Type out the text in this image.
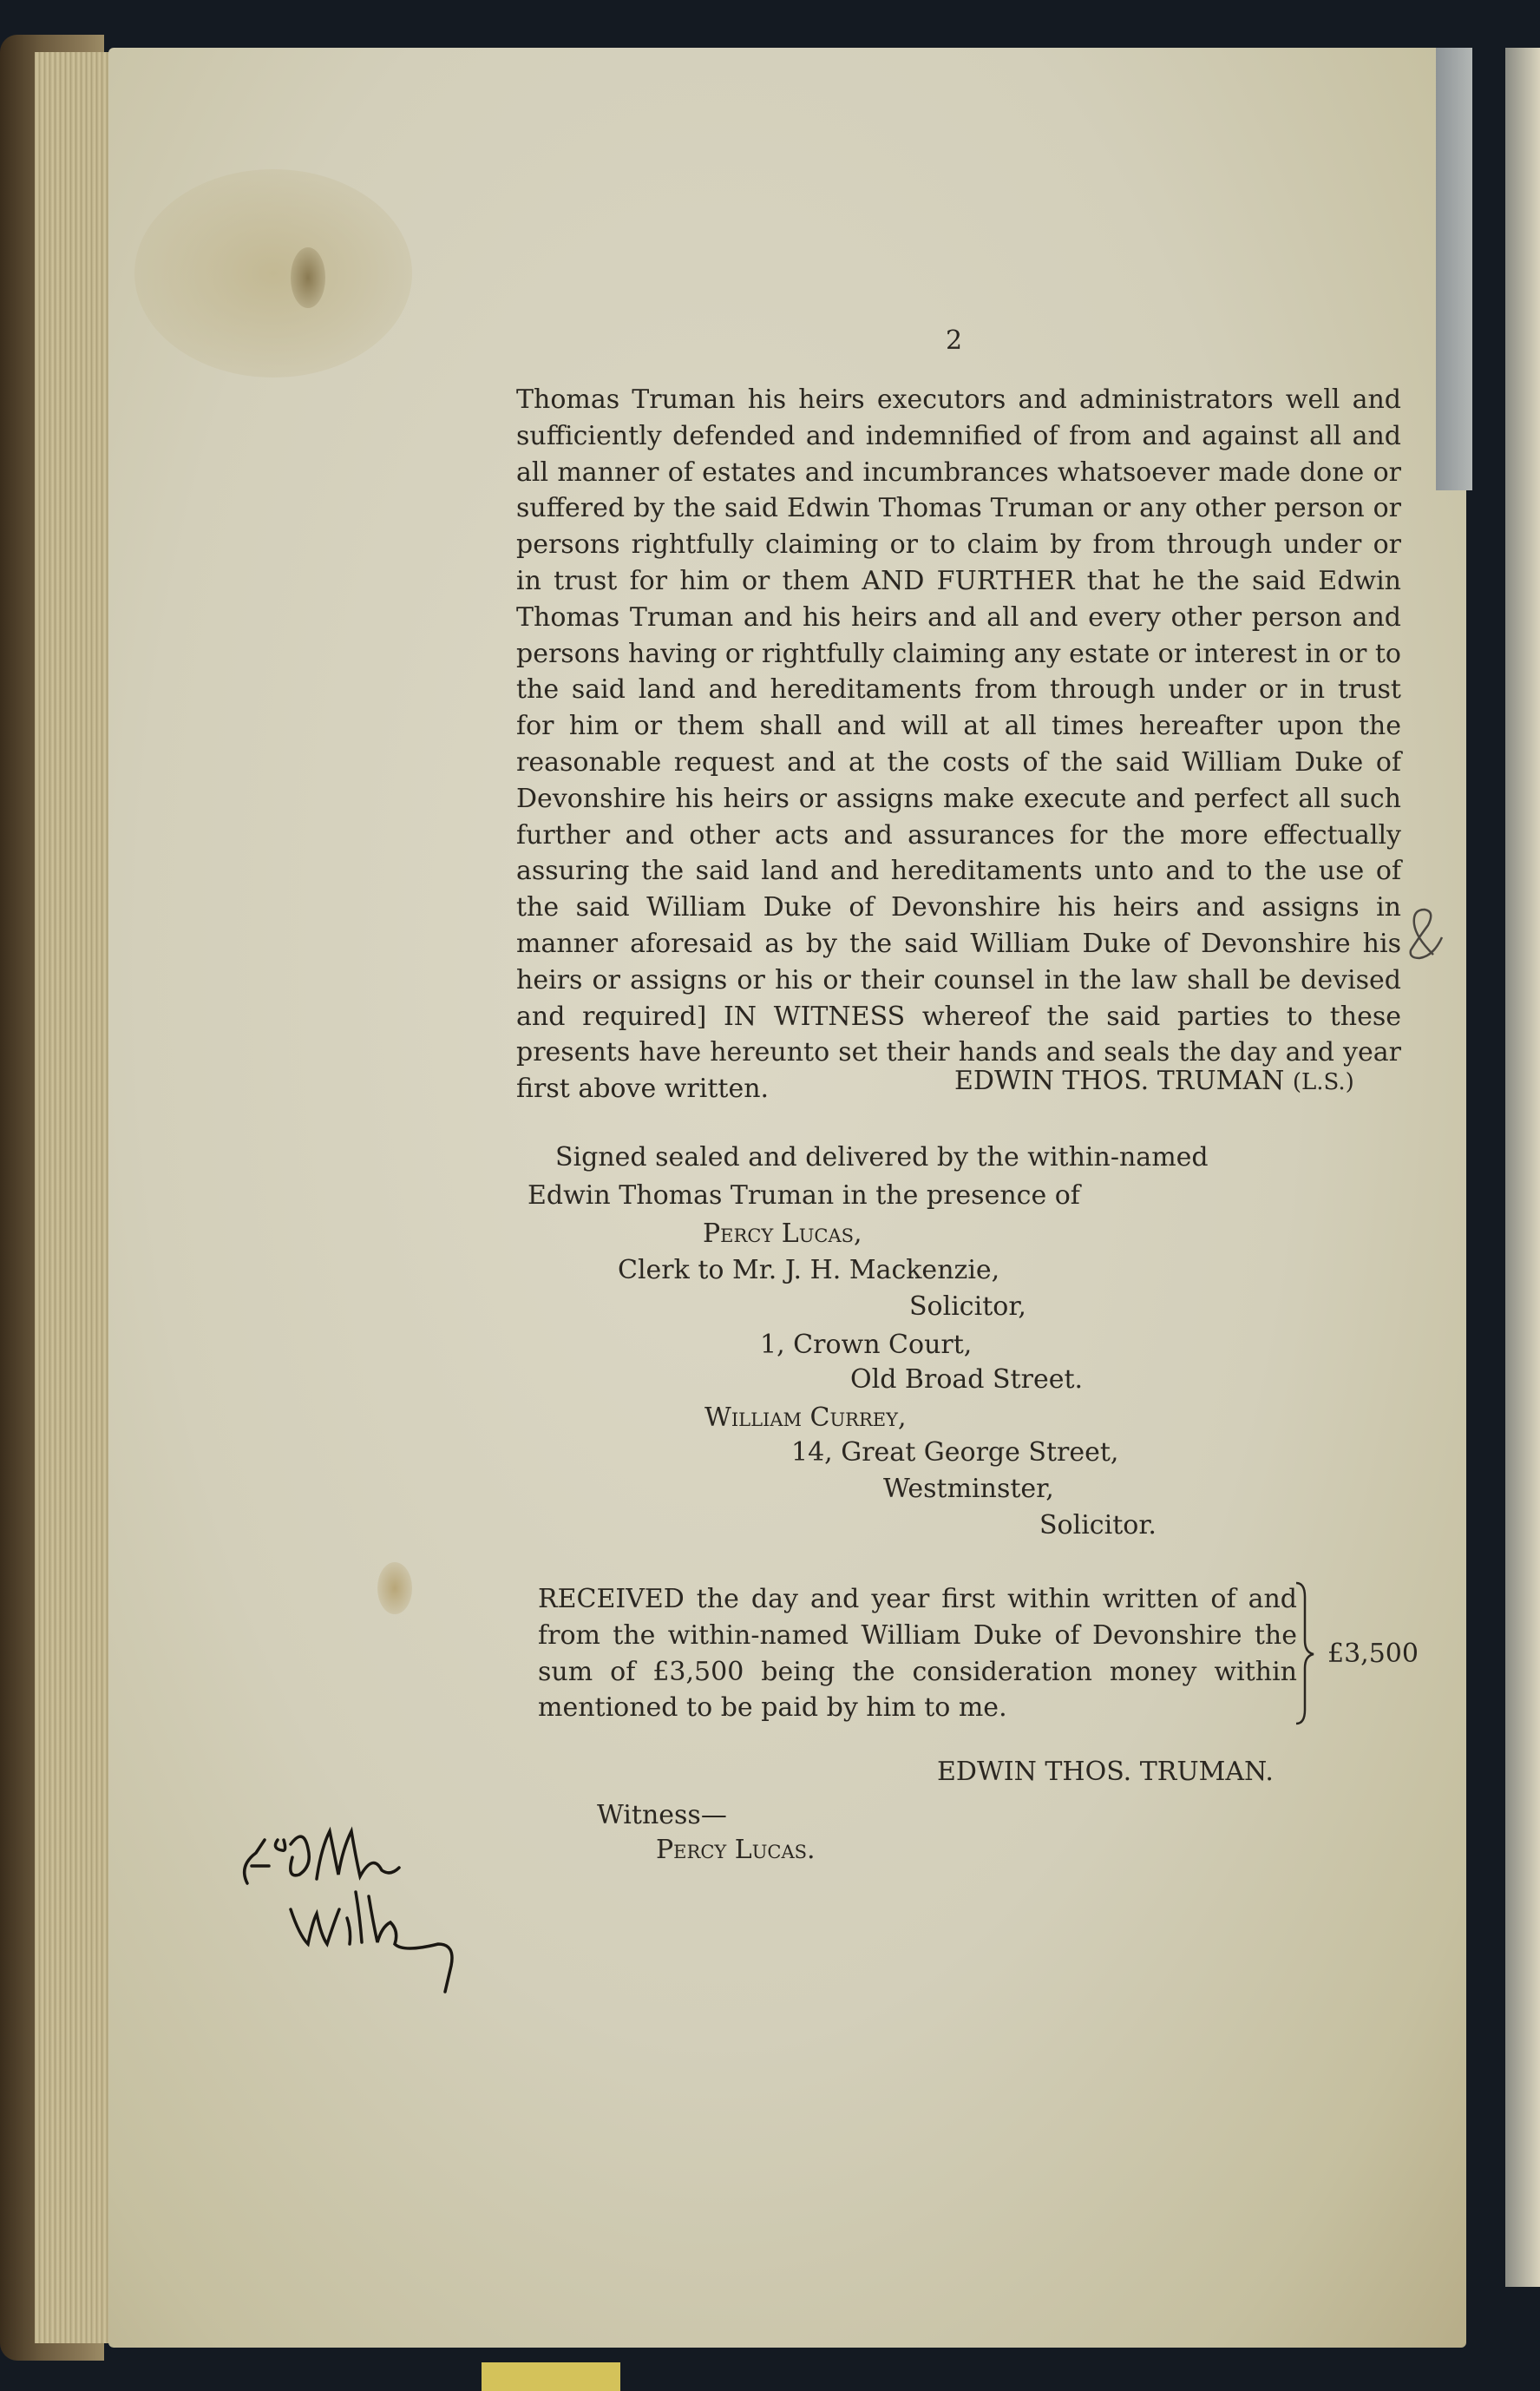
2
Thomas Truman his heirs executors and administrators well and sufficiently defended and indemnified of from and against all and all manner of estates and incumbrances whatsoever made done or suffered by the said Edwin Thomas Truman or any other person or persons rightfully claiming or to claim by from through under or in trust for him or them AND FURTHER that he the said Edwin Thomas Truman and his heirs and all and every other person and persons having or rightfully claiming any estate or interest in or to the said land and hereditaments from through under or in trust for him or them shall and will at all times hereafter upon the reasonable request and at the costs of the said William Duke of Devonshire his heirs or assigns make execute and perfect all such further and other acts and assurances for the more effectually assuring the said land and hereditaments unto and to the use of the said William Duke of Devonshire his heirs and assigns in manner aforesaid as by the said William Duke of Devonshire his heirs or assigns or his or their counsel in the law shall be devised and required] IN WITNESS whereof the said parties to these presents have hereunto set their hands and seals the day and year first above written.	EDWIN THOS. TRUMAN (L.S.)
Signed sealed and delivered by the within-named
Edwin Thomas Truman in the presence of
Percy Lucas,
Clerk to Mr. J. H. Mackenzie,
Solicitor,
1, Crown Court,
Old Broad Street.
William Currey,
14, Great George Street,
Westminster,
Solicitor.
RECEIVED the day and year first within written of and from the within-named William Duke of Devonshire the sum of £3,500 being the consideration money within mentioned to be paid by him to me.
£3,500
EDWIN THOS. TRUMAN.
Witness—
Percy Lucas.
